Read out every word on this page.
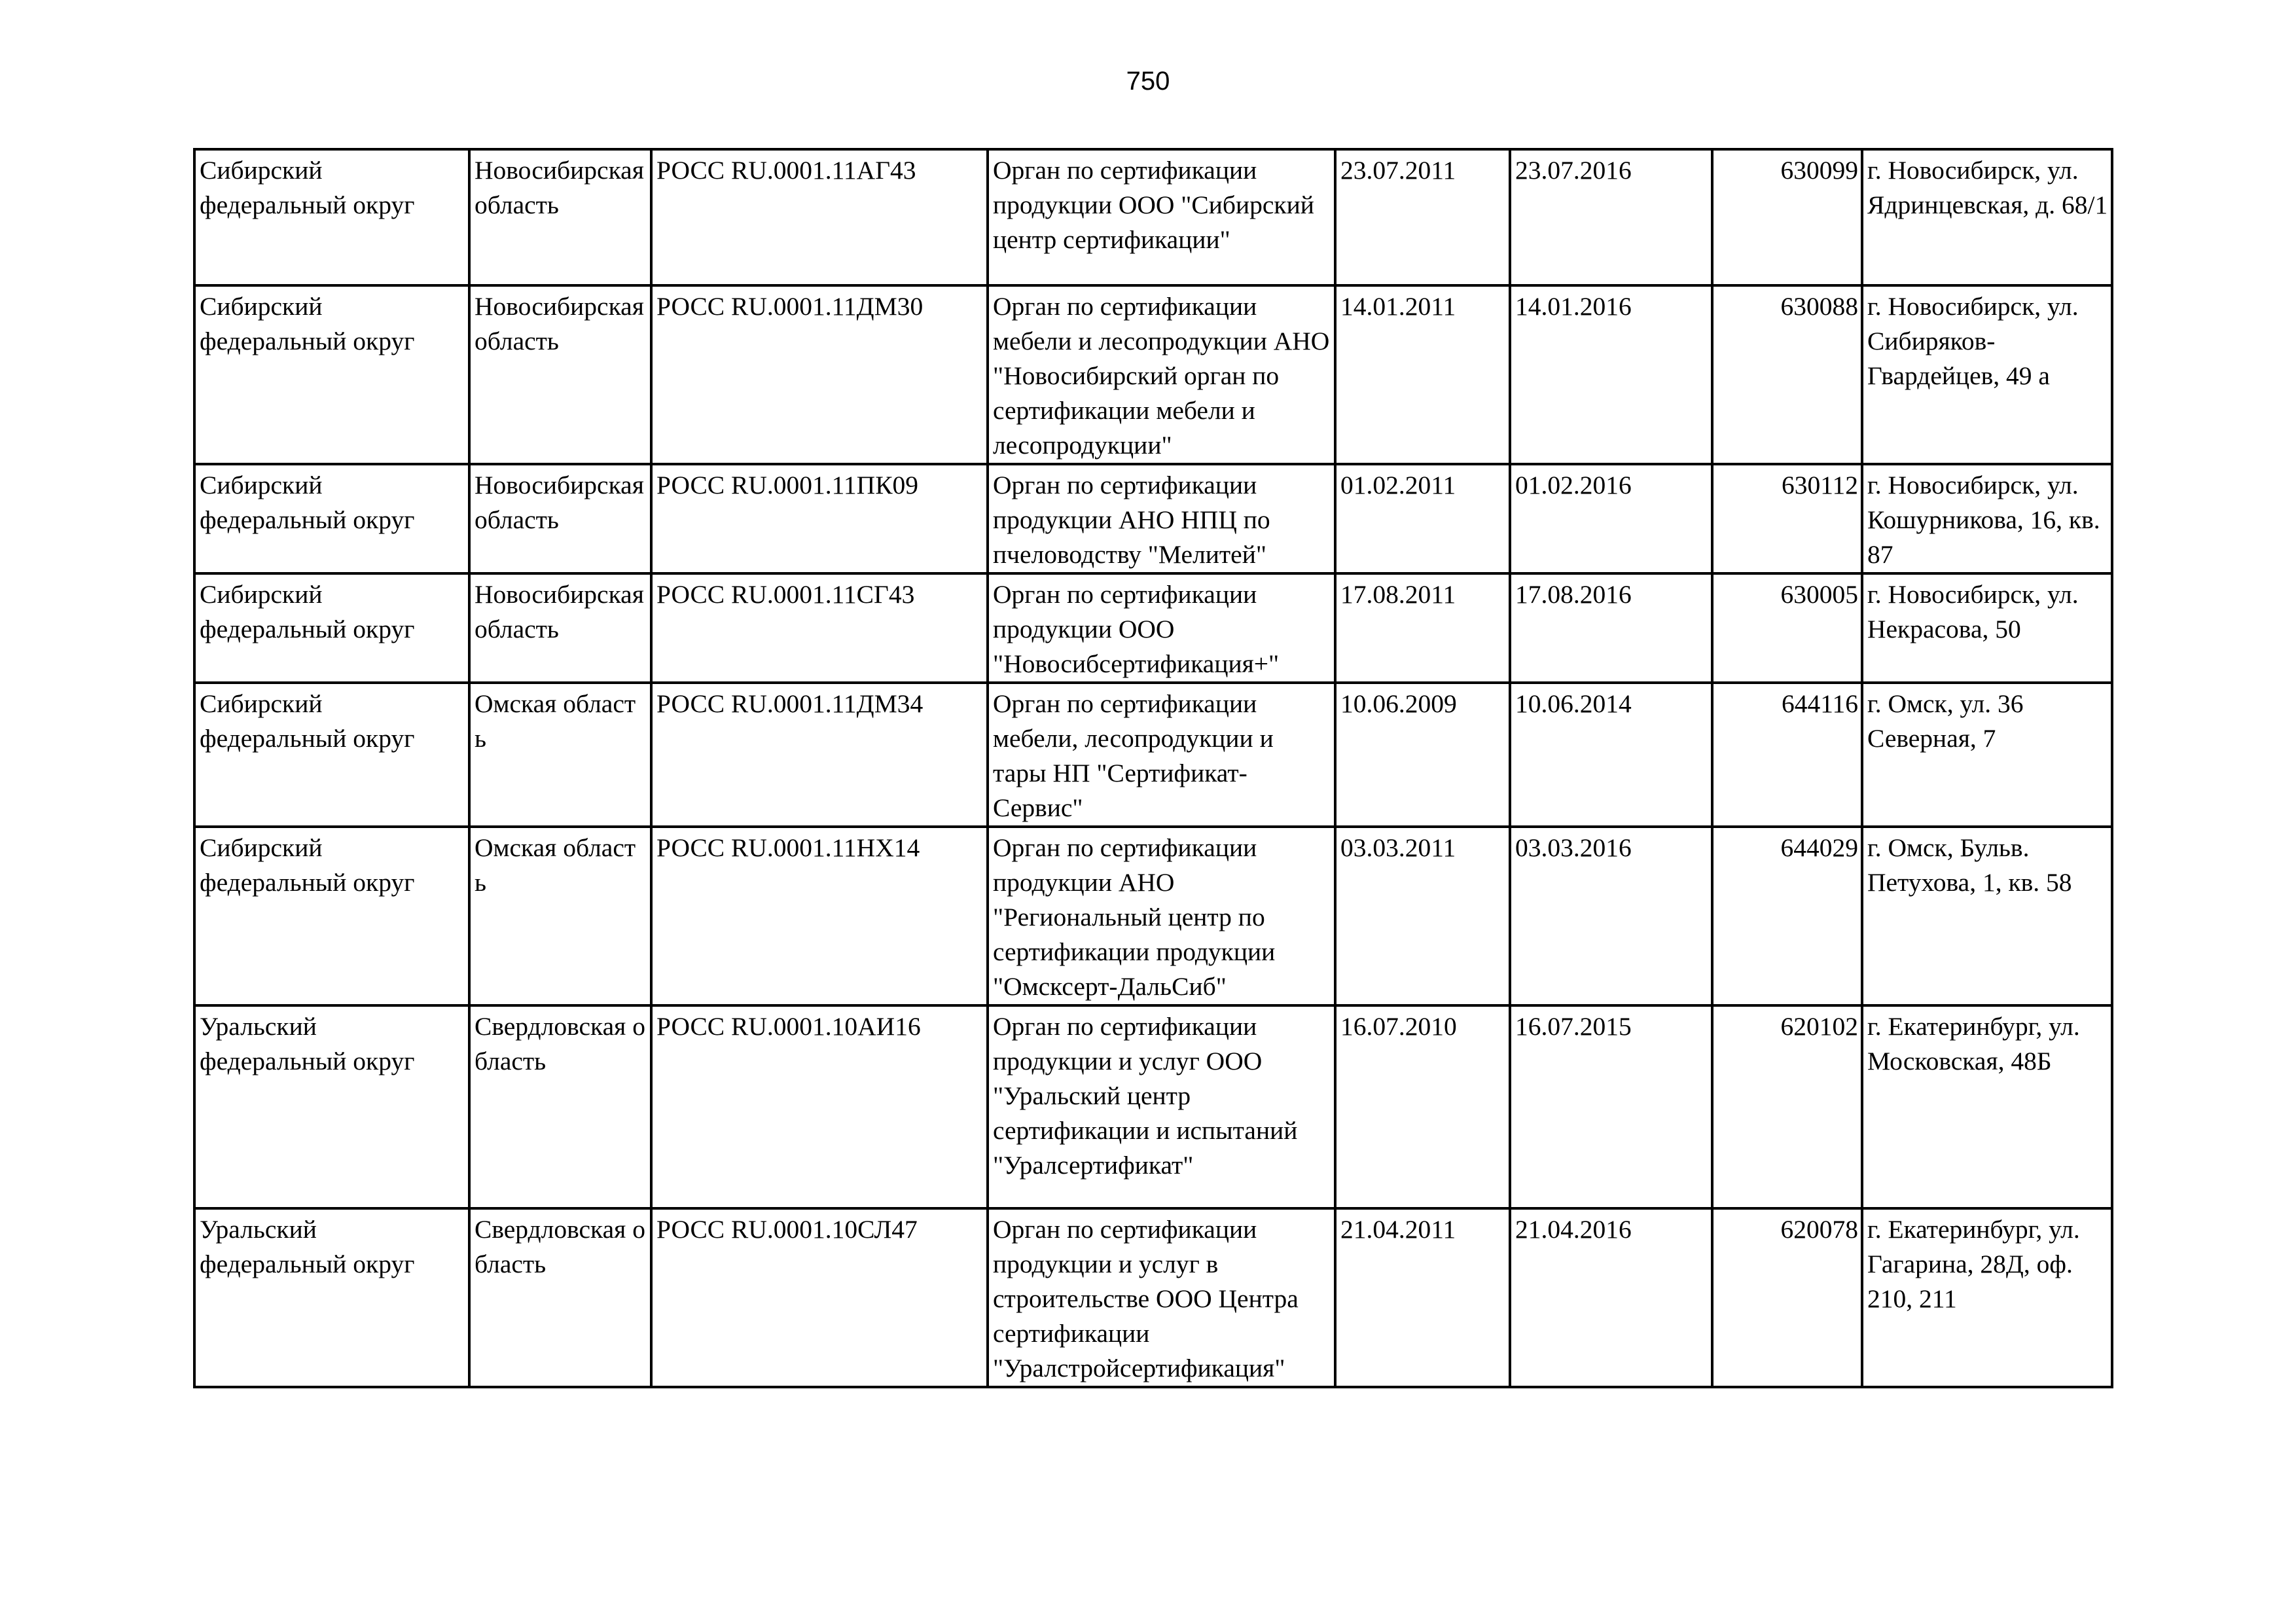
750
Сибирский федеральный округ	Новосибирская область	РОСС RU.0001.11АГ43	Орган по сертификации продукции ООО "Сибирский центр сертификации"	23.07.2011	23.07.2016	630099	г. Новосибирск, ул. Ядринцевская, д. 68/1
Сибирский федеральный округ	Новосибирская область	РОСС RU.0001.11ДМ30	Орган по сертификации мебели и лесопродукции АНО "Новосибирский орган по сертификации мебели и лесопродукции"	14.01.2011	14.01.2016	630088	г. Новосибирск, ул. Сибиряков-Гвардейцев, 49 а
Сибирский федеральный округ	Новосибирская область	РОСС RU.0001.11ПК09	Орган по сертификации продукции АНО НПЦ по пчеловодству "Мелитей"	01.02.2011	01.02.2016	630112	г. Новосибирск, ул. Кошурникова, 16, кв. 87
Сибирский федеральный округ	Новосибирская область	РОСС RU.0001.11СГ43	Орган по сертификации продукции ООО "Новосибсертификация+"	17.08.2011	17.08.2016	630005	г. Новосибирск, ул. Некрасова, 50
Сибирский федеральный округ	Омская область	РОСС RU.0001.11ДМ34	Орган по сертификации мебели, лесопродукции и тары НП "Сертификат-Сервис"	10.06.2009	10.06.2014	644116	г. Омск, ул. 36 Северная, 7
Сибирский федеральный округ	Омская область	РОСС RU.0001.11НХ14	Орган по сертификации продукции АНО "Региональный центр по сертификации продукции "Омсксерт-ДальСиб"	03.03.2011	03.03.2016	644029	г. Омск, Бульв. Петухова, 1, кв. 58
Уральский федеральный округ	Свердловская область	РОСС RU.0001.10АИ16	Орган по сертификации продукции и услуг ООО "Уральский центр сертификации и испытаний "Уралсертификат"	16.07.2010	16.07.2015	620102	г. Екатеринбург, ул. Московская, 48Б
Уральский федеральный округ	Свердловская область	РОСС RU.0001.10СЛ47	Орган по сертификации продукции и услуг в строительстве ООО Центра сертификации "Уралстройсертификация"	21.04.2011	21.04.2016	620078	г. Екатеринбург, ул. Гагарина, 28Д, оф. 210, 211
